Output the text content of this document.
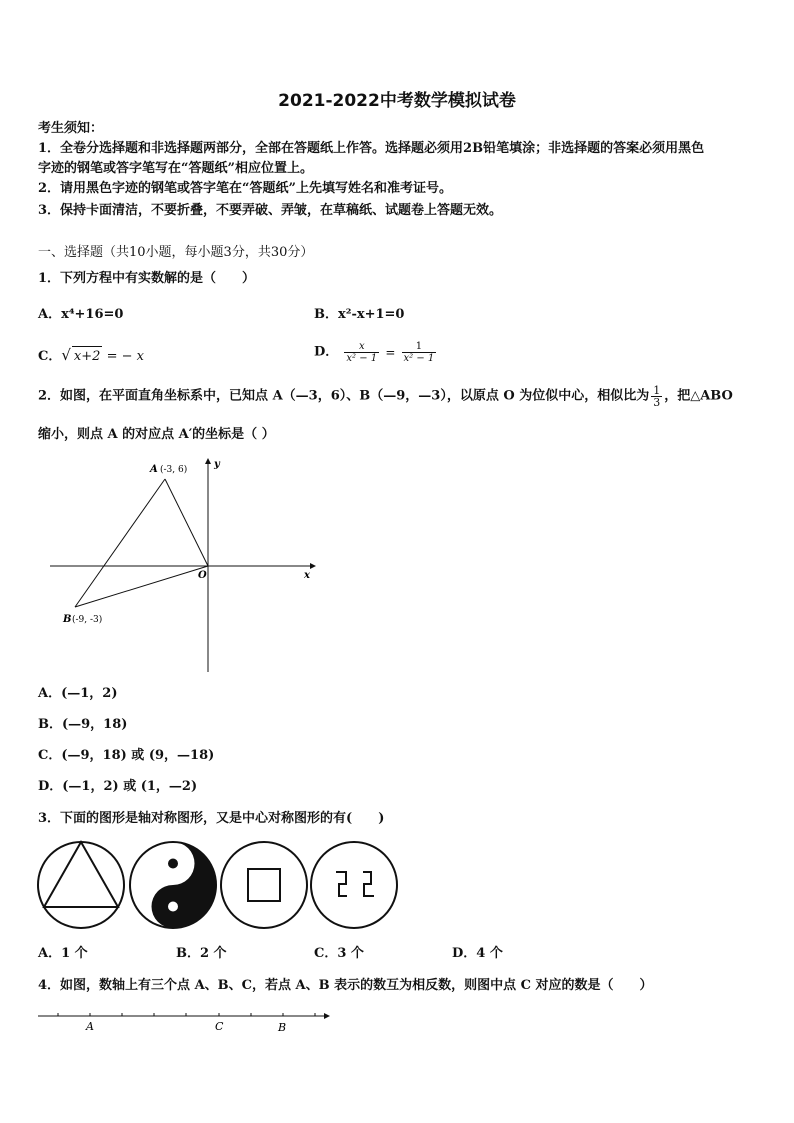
2021-2022中考数学模拟试卷
考生须知：
1．全卷分选择题和非选择题两部分，全部在答题纸上作答。选择题必须用2B铅笔填涂；非选择题的答案必须用黑色
字迹的钢笔或答字笔写在“答题纸”相应位置上。
2．请用黑色字迹的钢笔或答字笔在“答题纸”上先填写姓名和准考证号。
3．保持卡面清洁，不要折叠，不要弄破、弄皱，在草稿纸、试题卷上答题无效。
一、选择题（共10小题，每小题3分，共30分）
1．下列方程中有实数解的是（　　）
A．x⁴+16=0	B．x²-x+1=0
C．√ x+2 = − x	D． $\frac{x}{\text{x² − 1}} = \frac{1}{\text{x² − 1}}$
2．如图，在平面直角坐标系中，已知点 A（—3，6）、B（—9，—3），以原点 O 为位似中心，相似比为 $\frac{1}{3}$ ，把△ABO
缩小，则点 A 的对应点 A′的坐标是（ ）
A (-3, 6)
B (-9, -3)
O	x
y
A．(—1，2)
B．(—9，18)
C．(—9，18) 或 (9，—18)
D．(—1，2) 或 (1，—2)
3．下面的图形是轴对称图形，又是中心对称图形的有(　　)
A．1 个	B．2 个	C．3 个	D．4 个
4．如图，数轴上有三个点 A、B、C，若点 A、B 表示的数互为相反数，则图中点 C 对应的数是（　　）
A	C	B
